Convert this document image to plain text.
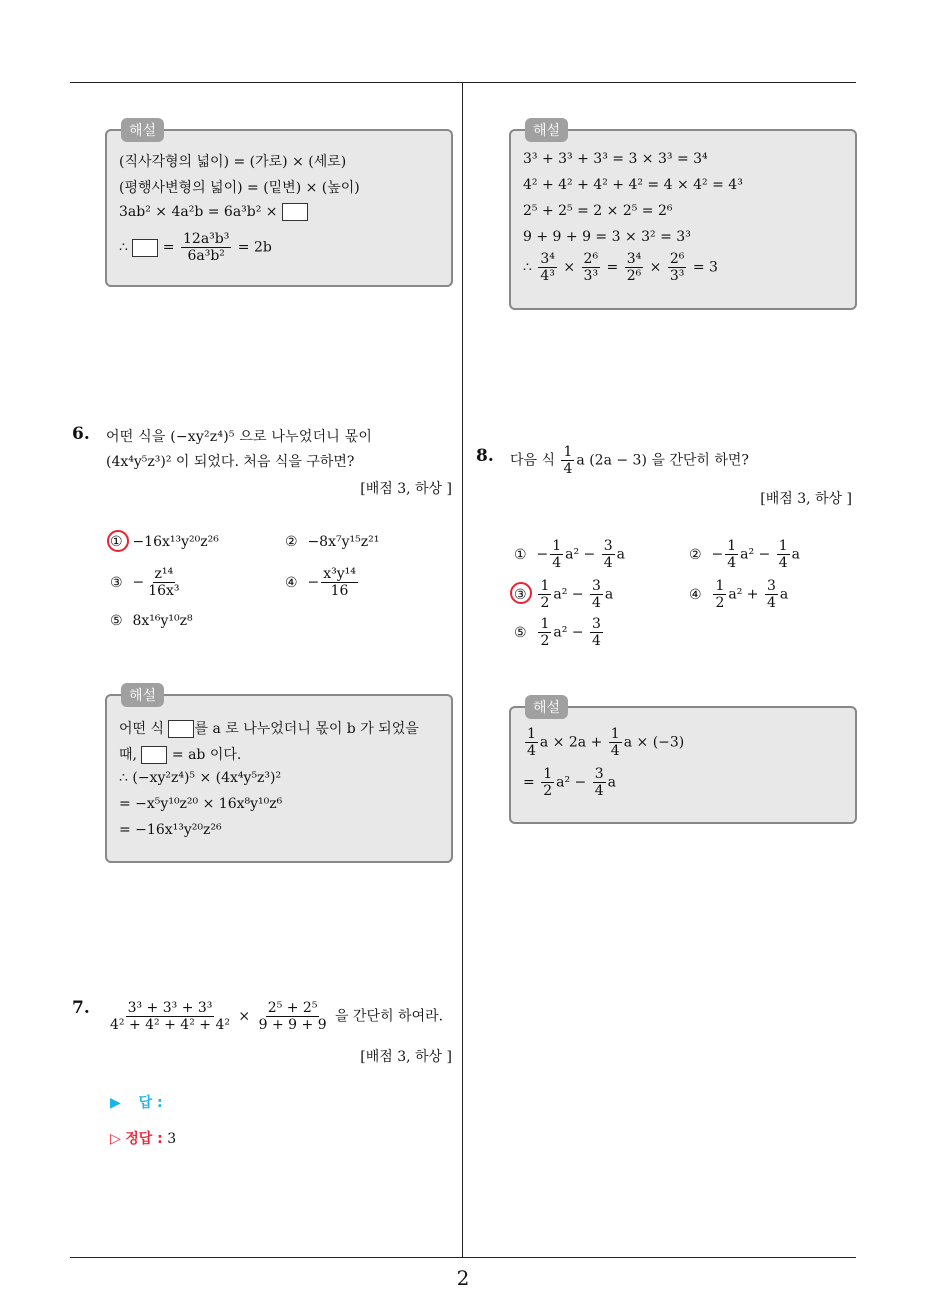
2
해설
(직사각형의 넓이) = (가로) × (세로)
(평행사변형의 넓이) = (밑변) × (높이)
3ab² × 4a²b = 6a³b² ×
∴  = $\frac{\text{12a³b³}}{\text{6a³b²}} = 2b$
해설
3³ + 3³ + 3³ = 3 × 3³ = 3⁴
4² + 4² + 4² + 4² = 4 × 4² = 4³
2⁵ + 2⁵ = 2 × 2⁵ = 2⁶
9 + 9 + 9 = 3 × 3² = 3³
∴ $\frac{\text{3⁴}}{\text{4³}} \times \frac{\text{2⁶}}{\text{3³}} = \frac{\text{3⁴}}{\text{2⁶}} \times \frac{\text{2⁶}}{\text{3³}} = 3$
6. 어떤 식을 (−xy²z⁴)⁵ 으로 나누었더니 몫이
(4x⁴y⁵z³)² 이 되었다. 처음 식을 구하면?
[배점 3, 하상 ]
① −16x¹³y²⁰z²⁶	② −8x⁷y¹⁵z²¹
③ − $\frac{\text{z¹⁴}}{\text{16x³}}$	④ − $\frac{\text{x³y¹⁴}}{16}$
⑤ 8x¹⁶y¹⁰z⁸
해설
어떤 식 를 a 로 나누었더니 몫이 b 가 되었을
때,  = ab 이다.
∴ (−xy²z⁴)⁵ × (4x⁴y⁵z³)²
= −x⁵y¹⁰z²⁰ × 16x⁸y¹⁰z⁶
= −16x¹³y²⁰z²⁶
7. $\frac{\text{3³ + 3³ + 3³}}{\text{4² + 4² + 4² + 4²}} \times \frac{\text{2⁵ + 2⁵}}{9 + 9 + 9}$ 을 간단히 하여라.
[배점 3, 하상 ]
▶ 답 :
▷ 정답 : 3
8. 다음 식 $\frac{1}{4}$ a (2a − 3) 을 간단히 하면?
[배점 3, 하상 ]
① − $\frac{1}{4} a^2 - \frac{3}{4}$ a	② − $\frac{1}{4} a^2 - \frac{1}{4}$ a
③ $\frac{1}{2} a^2 - \frac{3}{4}$ a	④ $\frac{1}{2} a^2 + \frac{3}{4}$ a
⑤ $\frac{1}{2} a^2 - \frac{3}{4}$
해설
$\frac{1}{4}$ $a \times 2a + \frac{1}{4}$ a × (−3)
= $\frac{1}{2} a^2 - \frac{3}{4}$ a
